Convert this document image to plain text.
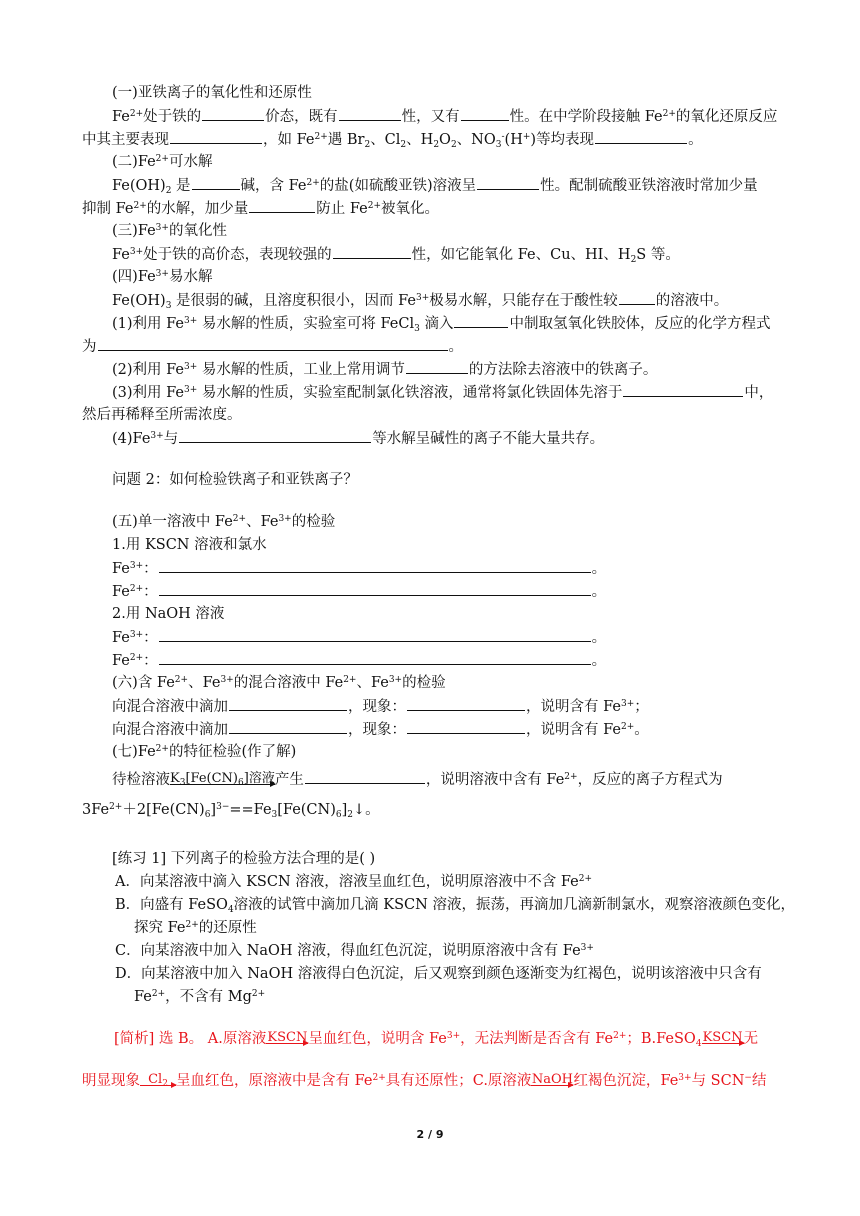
(一)亚铁离子的氧化性和还原性
$Fe^{2+}$处于铁的	价态，既有	性，又有	性。在中学阶段接触 $Fe^{2+}$的氧化还原反应
中其主要表现	，如 $Fe^{2+}$遇 $Br_2$、$Cl_2$、$H_2O_2$、$NO_3^-(H^+)$等均表现	。
(二)$Fe^{2+}$可水解
$Fe(OH)_2$ 是	碱，含 $Fe^{2+}$的盐(如硫酸亚铁)溶液呈	性。配制硫酸亚铁溶液时常加少量
抑制 $Fe^{2+}$的水解，加少量	防止 $Fe^{2+}$被氧化。
(三)$Fe^{3+}$的氧化性
$Fe^{3+}$处于铁的高价态，表现较强的	性，如它能氧化 Fe、Cu、HI、$H_2S$ 等。
(四)$Fe^{3+}$易水解
$Fe(OH)_3$ 是很弱的碱，且溶度积很小，因而 $Fe^{3+}$极易水解，只能存在于酸性较	的溶液中。
(1)利用 $Fe^{3+}$ 易水解的性质，实验室可将 FeCl$_3$ 滴入	中制取氢氧化铁胶体，反应的化学方程式
为	。
(2)利用 $Fe^{3+}$ 易水解的性质，工业上常用调节	的方法除去溶液中的铁离子。
(3)利用 $Fe^{3+}$ 易水解的性质，实验室配制氯化铁溶液，通常将氯化铁固体先溶于	中，
然后再稀释至所需浓度。
$(4)Fe^{3+}$与	等水解呈碱性的离子不能大量共存。
问题 2：如何检验铁离子和亚铁离子？
(五)单一溶液中 $Fe^{2+}$、$Fe^{3+}$的检验
1.用 KSCN 溶液和氯水
$Fe^{3+}$：	。
$Fe^{2+}$：	。
2.用 NaOH 溶液
$Fe^{3+}$：	。
$Fe^{2+}$：	。
(六)含 $Fe^{2+}$、$Fe^{3+}$的混合溶液中 $Fe^{2+}$、$Fe^{3+}$的检验
向混合溶液中滴加	，现象：	，说明含有 $Fe^{3+}$；
向混合溶液中滴加	，现象：	，说明含有 $Fe^{2+}$。
(七)$Fe^{2+}$的特征检验(作了解)
待检溶液 $K_3[Fe(CN)_6]$溶液 产生	，说明溶液中含有 $Fe^{2+}$，反应的离子方程式为
$3Fe^{2+}+2[Fe(CN)_6]^{3-}==Fe_3[Fe(CN)_6]_2↓$。
[练习 1] 下列离子的检验方法合理的是( )
A．向某溶液中滴入 KSCN 溶液，溶液呈血红色，说明原溶液中不含 $Fe^{2+}$
B．向盛有 FeSO$_4$溶液的试管中滴加几滴 KSCN 溶液，振荡，再滴加几滴新制氯水，观察溶液颜色变化，
探究 $Fe^{2+}$的还原性
C．向某溶液中加入 NaOH 溶液，得血红色沉淀，说明原溶液中含有 $Fe^{3+}$
D．向某溶液中加入 NaOH 溶液得白色沉淀，后又观察到颜色逐渐变为红褐色，说明该溶液中只含有
$Fe^{2+}$，不含有 $Mg^{2+}$
[简析] 选 B。 A.原溶液 KSCN 呈血红色，说明含 $Fe^{3+}$，无法判断是否含有 $Fe^{2+}$；B.FeSO$_4$ KSCN 无
明显现象 $Cl_2$ 呈血红色，原溶液中是含有 $Fe^{2+}$具有还原性；C.原溶液 NaOH 红褐色沉淀，$Fe^{3+}$与 SCN−结
2 / 9
